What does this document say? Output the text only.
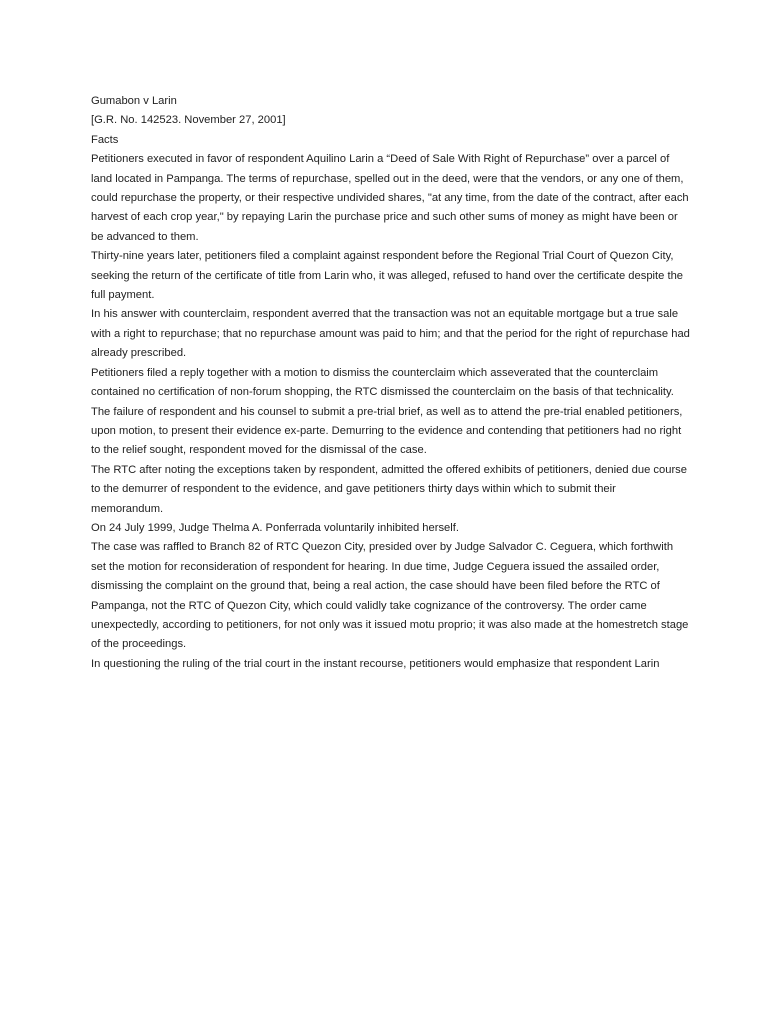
Gumabon v Larin

[G.R. No. 142523. November 27, 2001]

Facts

Petitioners executed in favor of respondent Aquilino Larin a “Deed of Sale With Right of Repurchase” over a parcel of land located in Pampanga. The terms of repurchase, spelled out in the deed, were that the vendors, or any one of them, could repurchase the property, or their respective undivided shares, "at any time, from the date of the contract, after each harvest of each crop year," by repaying Larin the purchase price and such other sums of money as might have been or be advanced to them.

Thirty-nine years later, petitioners filed a complaint against respondent before the Regional Trial Court of Quezon City, seeking the return of the certificate of title from Larin who, it was alleged, refused to hand over the certificate despite the full payment.

In his answer with counterclaim, respondent averred that the transaction was not an equitable mortgage but a true sale with a right to repurchase; that no repurchase amount was paid to him; and that the period for the right of repurchase had already prescribed.

Petitioners filed a reply together with a motion to dismiss the counterclaim which asseverated that the counterclaim contained no certification of non-forum shopping, the RTC dismissed the counterclaim on the basis of that technicality.

The failure of respondent and his counsel to submit a pre-trial brief, as well as to attend the pre-trial enabled petitioners, upon motion, to present their evidence ex-parte. Demurring to the evidence and contending that petitioners had no right to the relief sought, respondent moved for the dismissal of the case.

The RTC after noting the exceptions taken by respondent, admitted the offered exhibits of petitioners, denied due course to the demurrer of respondent to the evidence, and gave petitioners thirty days within which to submit their memorandum.

On 24 July 1999, Judge Thelma A. Ponferrada voluntarily inhibited herself.

The case was raffled to Branch 82 of RTC Quezon City, presided over by Judge Salvador C. Ceguera, which forthwith set the motion for reconsideration of respondent for hearing. In due time, Judge Ceguera issued the assailed order, dismissing the complaint on the ground that, being a real action, the case should have been filed before the RTC of Pampanga, not the RTC of Quezon City, which could validly take cognizance of the controversy. The order came unexpectedly, according to petitioners, for not only was it issued motu proprio; it was also made at the homestretch stage of the proceedings.

In questioning the ruling of the trial court in the instant recourse, petitioners would emphasize that respondent Larin
